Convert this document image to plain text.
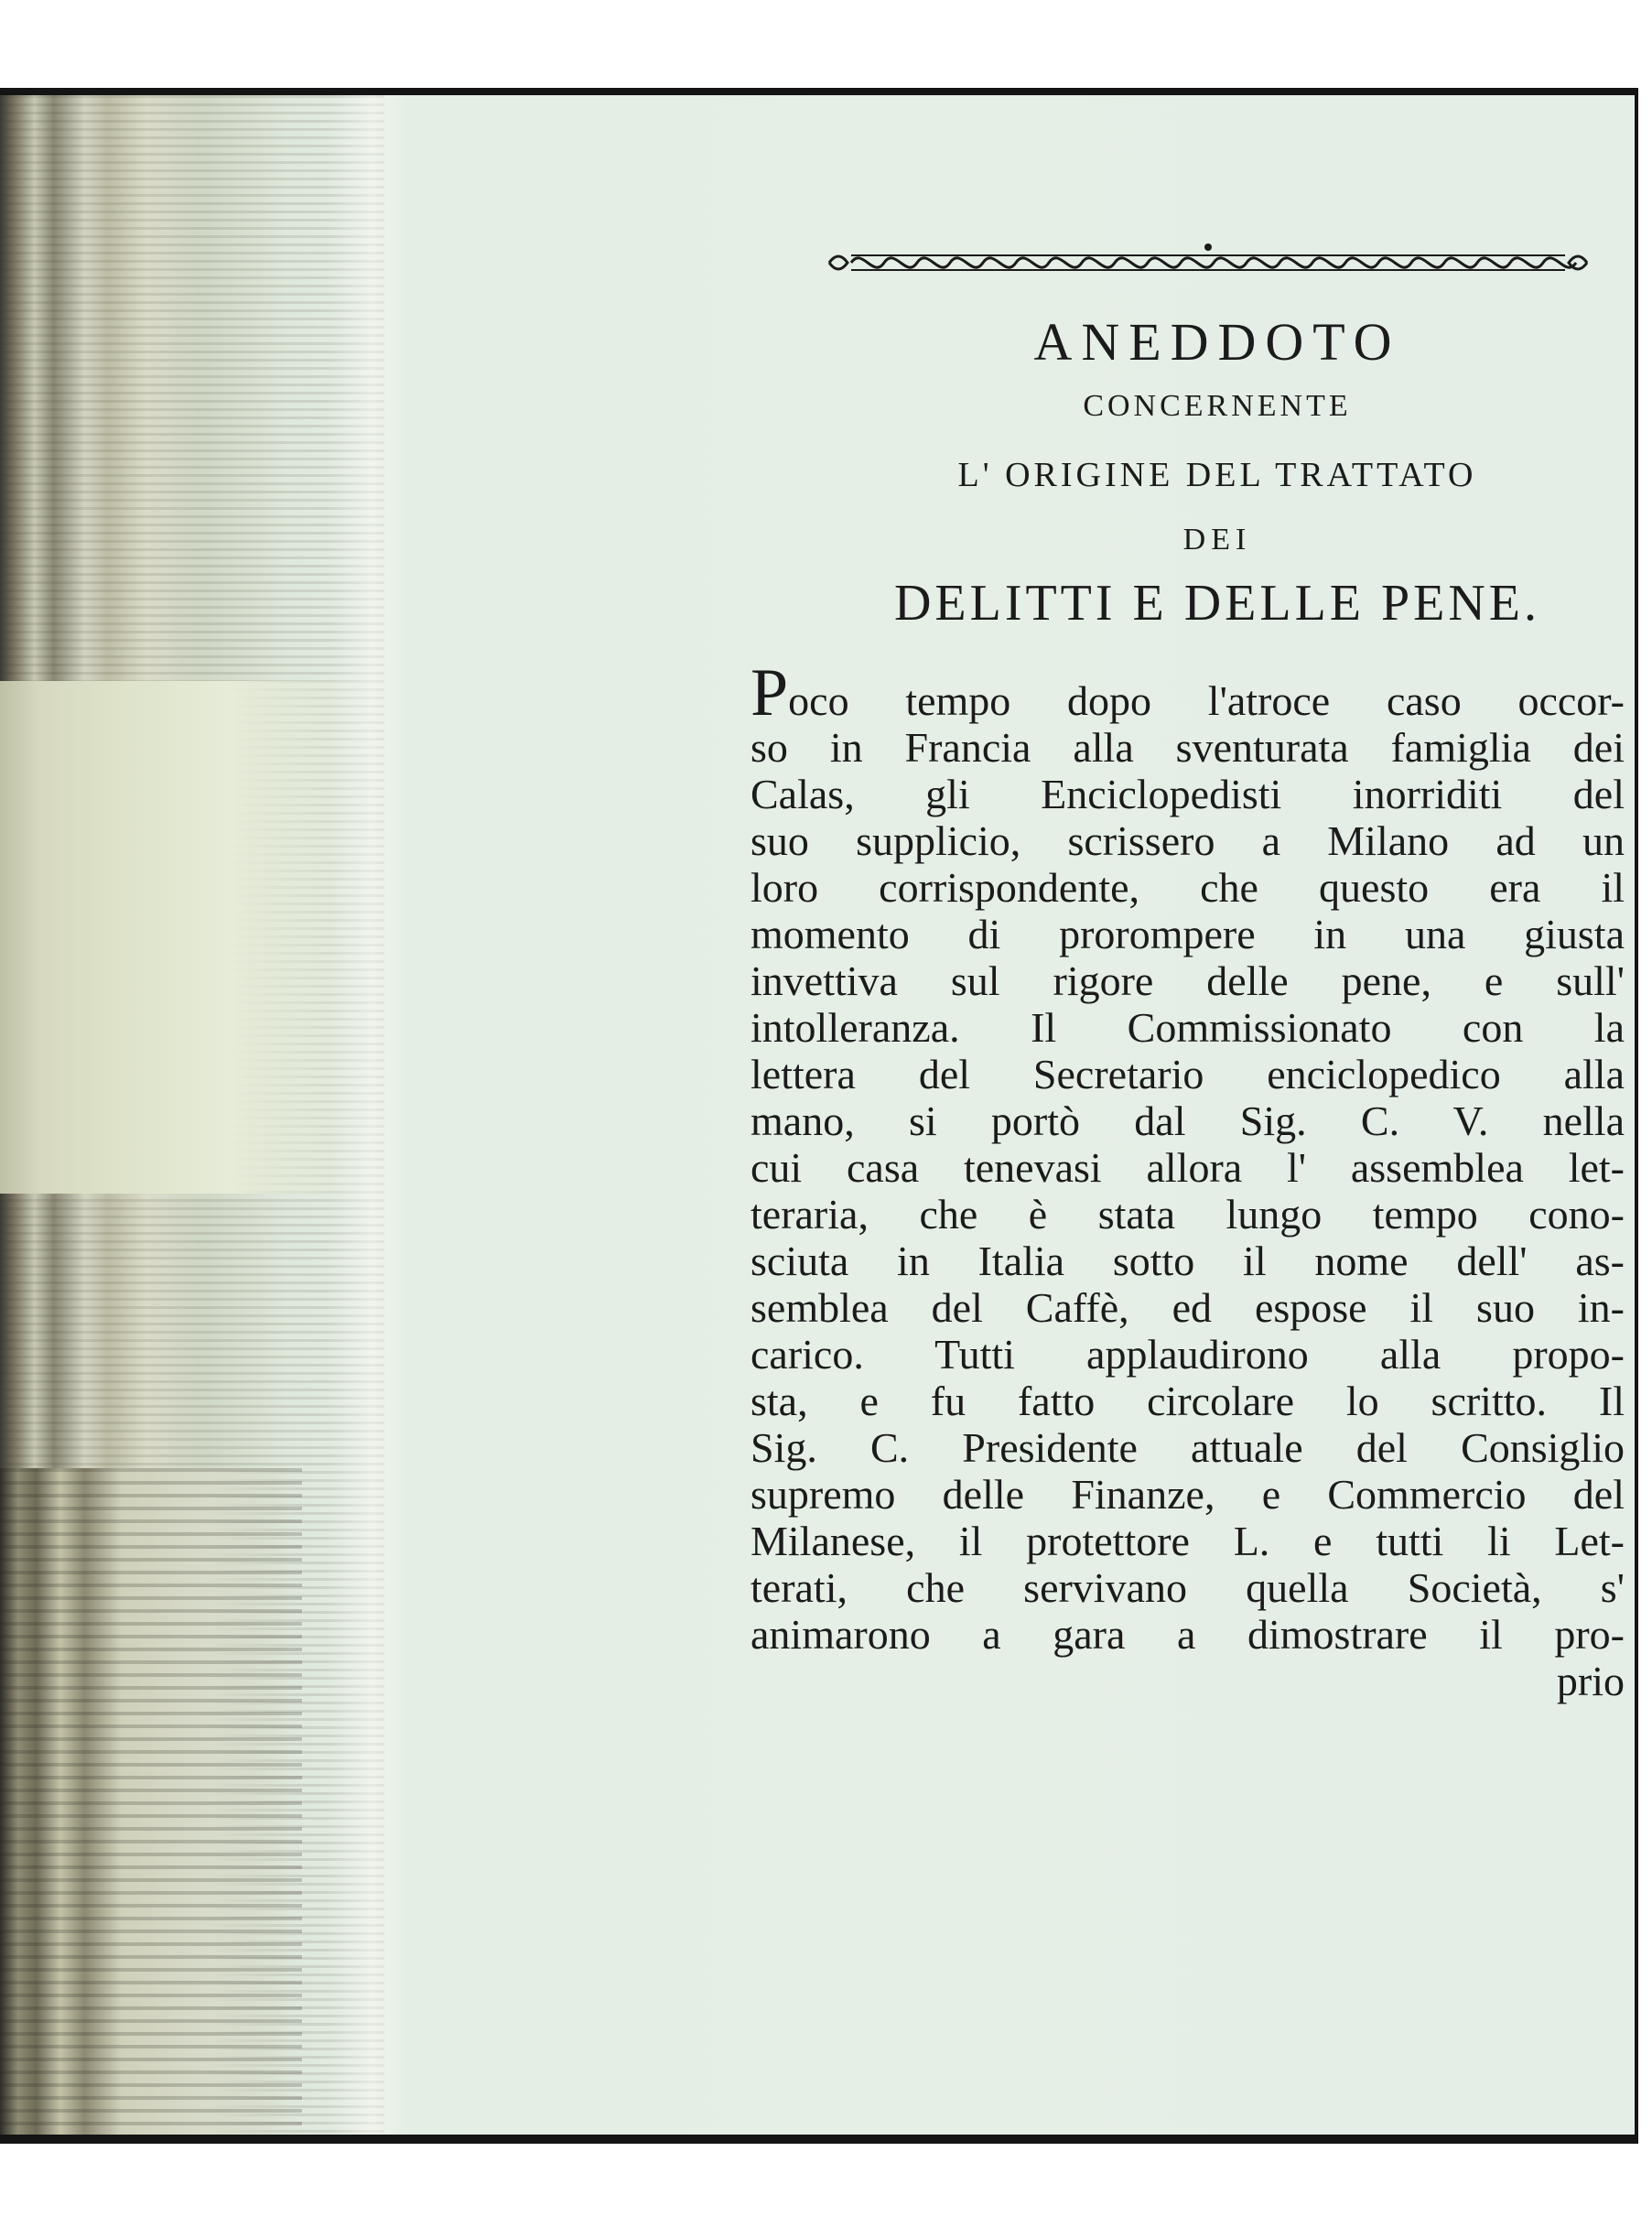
ANEDDOTO
CONCERNENTE
L' ORIGINE DEL TRATTATO
DEI
DELITTI E DELLE PENE.
Poco tempo dopo l'atroce caso occor-
so in Francia alla sventurata famiglia dei
Calas, gli Enciclopedisti inorriditi del
suo supplicio, scrissero a Milano ad un
loro corrispondente, che questo era il
momento di prorompere in una giusta
invettiva sul rigore delle pene, e sull'
intolleranza. Il Commissionato con la
lettera del Secretario enciclopedico alla
mano, si portò dal Sig. C. V. nella
cui casa tenevasi allora l' assemblea let-
teraria, che è stata lungo tempo cono-
sciuta in Italia sotto il nome dell' as-
semblea del Caffè, ed espose il suo in-
carico. Tutti applaudirono alla propo-
sta, e fu fatto circolare lo scritto. Il
Sig. C. Presidente attuale del Consiglio
supremo delle Finanze, e Commercio del
Milanese, il protettore L. e tutti li Let-
terati, che servivano quella Società, s'
animarono a gara a dimostrare il pro-
prio
